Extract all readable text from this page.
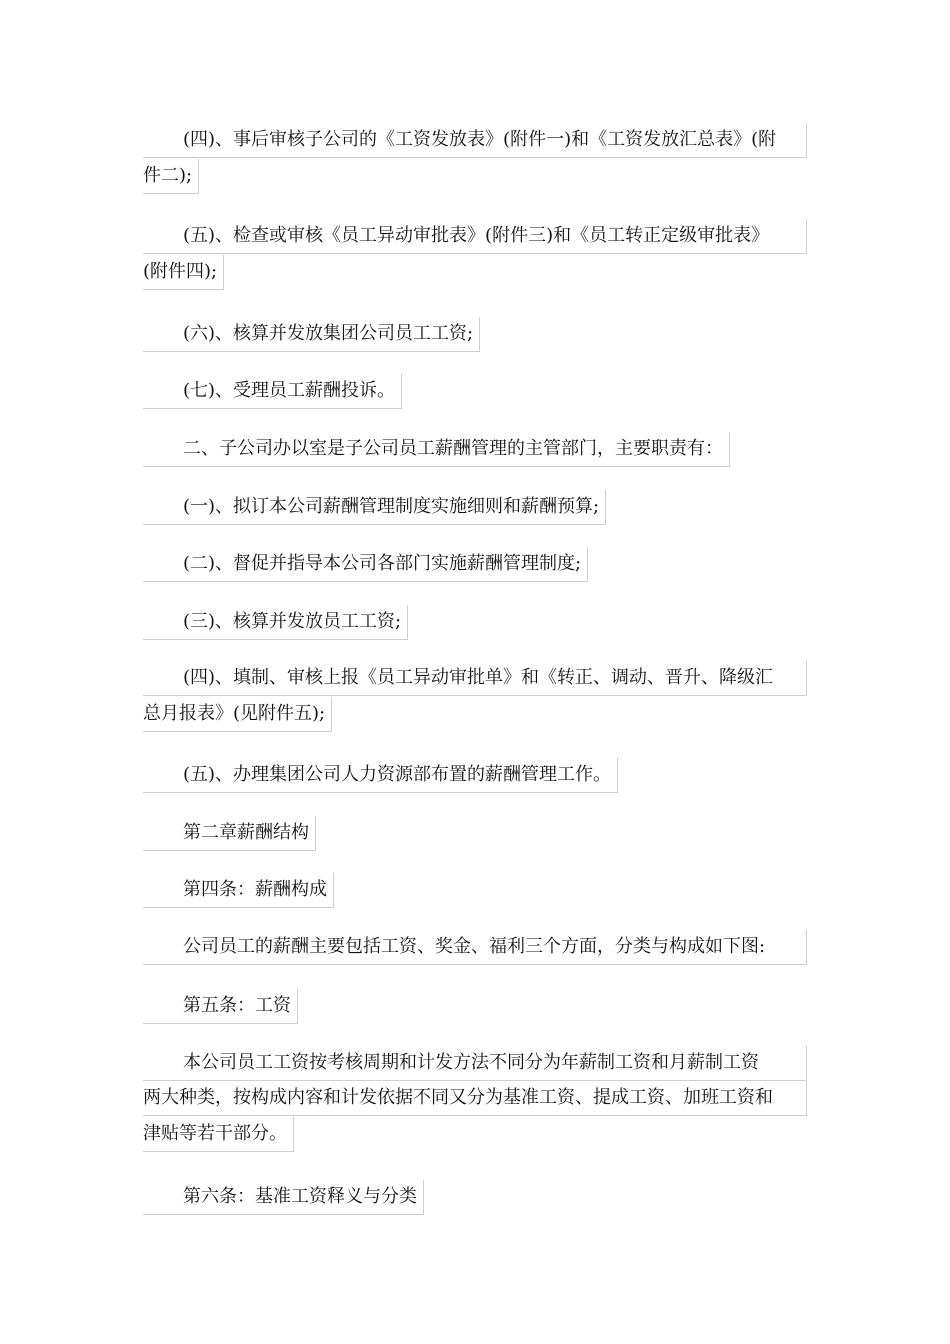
(四)、事后审核子公司的《工资发放表》(附件一)和《工资发放汇总表》(附
件二);
(五)、检查或审核《员工异动审批表》(附件三)和《员工转正定级审批表》
(附件四);
(六)、核算并发放集团公司员工工资;
(七)、受理员工薪酬投诉。
二、子公司办以室是子公司员工薪酬管理的主管部门，主要职责有：
(一)、拟订本公司薪酬管理制度实施细则和薪酬预算;
(二)、督促并指导本公司各部门实施薪酬管理制度;
(三)、核算并发放员工工资;
(四)、填制、审核上报《员工异动审批单》和《转正、调动、晋升、降级汇
总月报表》(见附件五);
(五)、办理集团公司人力资源部布置的薪酬管理工作。
第二章薪酬结构
第四条：薪酬构成
公司员工的薪酬主要包括工资、奖金、福利三个方面，分类与构成如下图:
第五条：工资
本公司员工工资按考核周期和计发方法不同分为年薪制工资和月薪制工资
两大种类，按构成内容和计发依据不同又分为基准工资、提成工资、加班工资和
津贴等若干部分。
第六条：基准工资释义与分类
